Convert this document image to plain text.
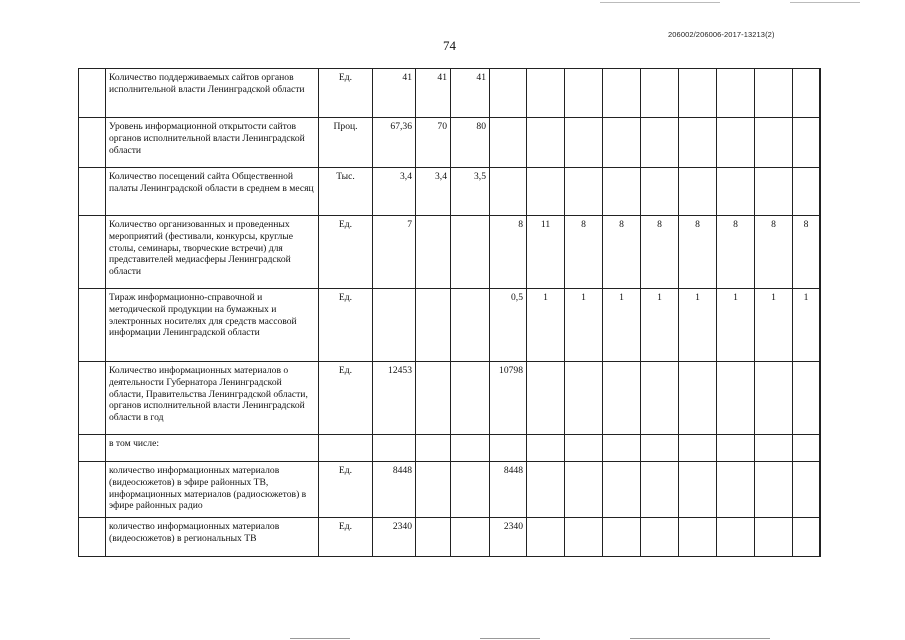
206002/206006-2017-13213(2)
74
	Количество поддерживаемых сайтов органов исполнительной власти Ленинградской области	Ед.	41	41	41										
	Уровень информационной открытости сайтов органов исполнительной власти Ленинградской области	Проц.	67,36	70	80										
	Количество посещений сайта Общественной палаты Ленинградской области в среднем в месяц	Тыс.	3,4	3,4	3,5										
	Количество организованных и проведенных мероприятий (фестивали, конкурсы, круглые столы, семинары, творческие встречи) для представителей медиасферы Ленинградской области	Ед.	7			8	11	8	8	8	8	8	8	8	
	Тираж информационно-справочной и методической продукции на бумажных и электронных носителях для средств массовой информации Ленинградской области	Ед.				0,5	1	1	1	1	1	1	1	1	
	Количество информационных материалов о деятельности Губернатора Ленинградской области, Правительства Ленинградской области, органов исполнительной власти Ленинградской области в год	Ед.	12453			10798									
	в том числе:														
	количество информационных материалов (видеосюжетов) в эфире районных ТВ, информационных материалов (радиосюжетов) в эфире районных радио	Ед.	8448			8448									
	количество информационных материалов (видеосюжетов) в региональных ТВ	Ед.	2340			2340									
